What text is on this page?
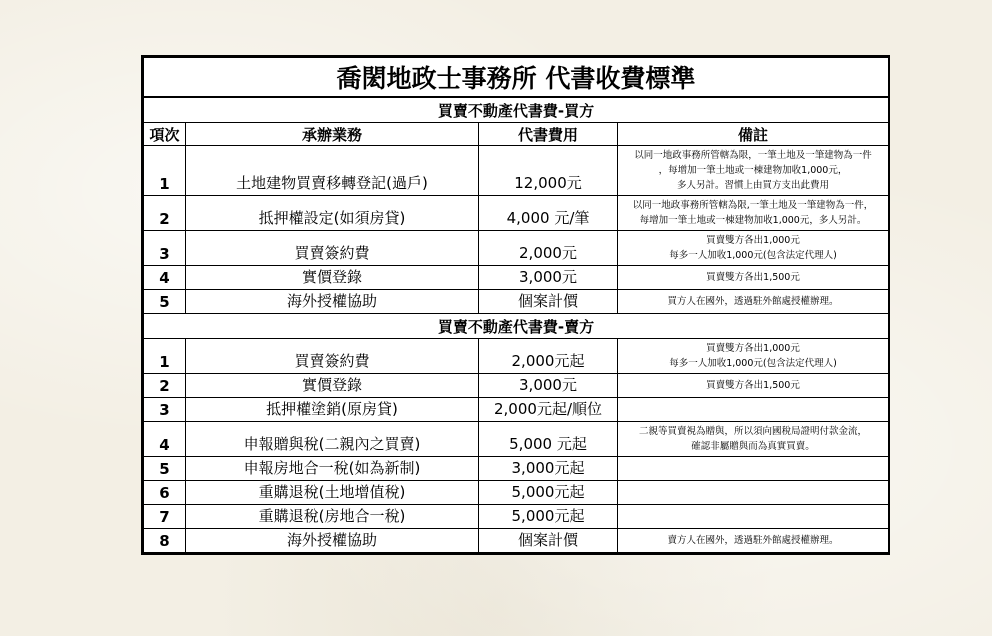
喬閎地政士事務所 代書收費標準			
買賣不動產代書費-買方			
項次	承辦業務	代書費用	備註
1	土地建物買賣移轉登記(過戶)	12,000元	以同一地政事務所管轄為限，一筆土地及一筆建物為一件
，每增加一筆土地或一棟建物加收1,000元，
多人另計。習慣上由買方支出此費用

2	抵押權設定(如須房貸)	4,000 元/筆	以同一地政事務所管轄為限,一筆土地及一筆建物為一件，
每增加一筆土地或一棟建物加收1,000元，多人另計。

3	買賣簽約費	2,000元	買賣雙方各出1,000元
每多一人加收1,000元(包含法定代理人)

4	實價登錄	3,000元	買賣雙方各出1,500元

5	海外授權協助	個案計價	買方人在國外，透過駐外館處授權辦理。

買賣不動產代書費-賣方			
1	買賣簽約費	2,000元起	買賣雙方各出1,000元
每多一人加收1,000元(包含法定代理人)

2	實價登錄	3,000元	買賣雙方各出1,500元

3	抵押權塗銷(原房貸)	2,000元起/順位	
4	申報贈與稅(二親內之買賣)	5,000 元起	二親等買賣視為贈與，所以須向國稅局證明付款金流，
確認非屬贈與而為真實買賣。

5	申報房地合一稅(如為新制)	3,000元起	
6	重購退稅(土地增值稅)	5,000元起	
7	重購退稅(房地合一稅)	5,000元起	
8	海外授權協助	個案計價	賣方人在國外，透過駐外館處授權辦理。
